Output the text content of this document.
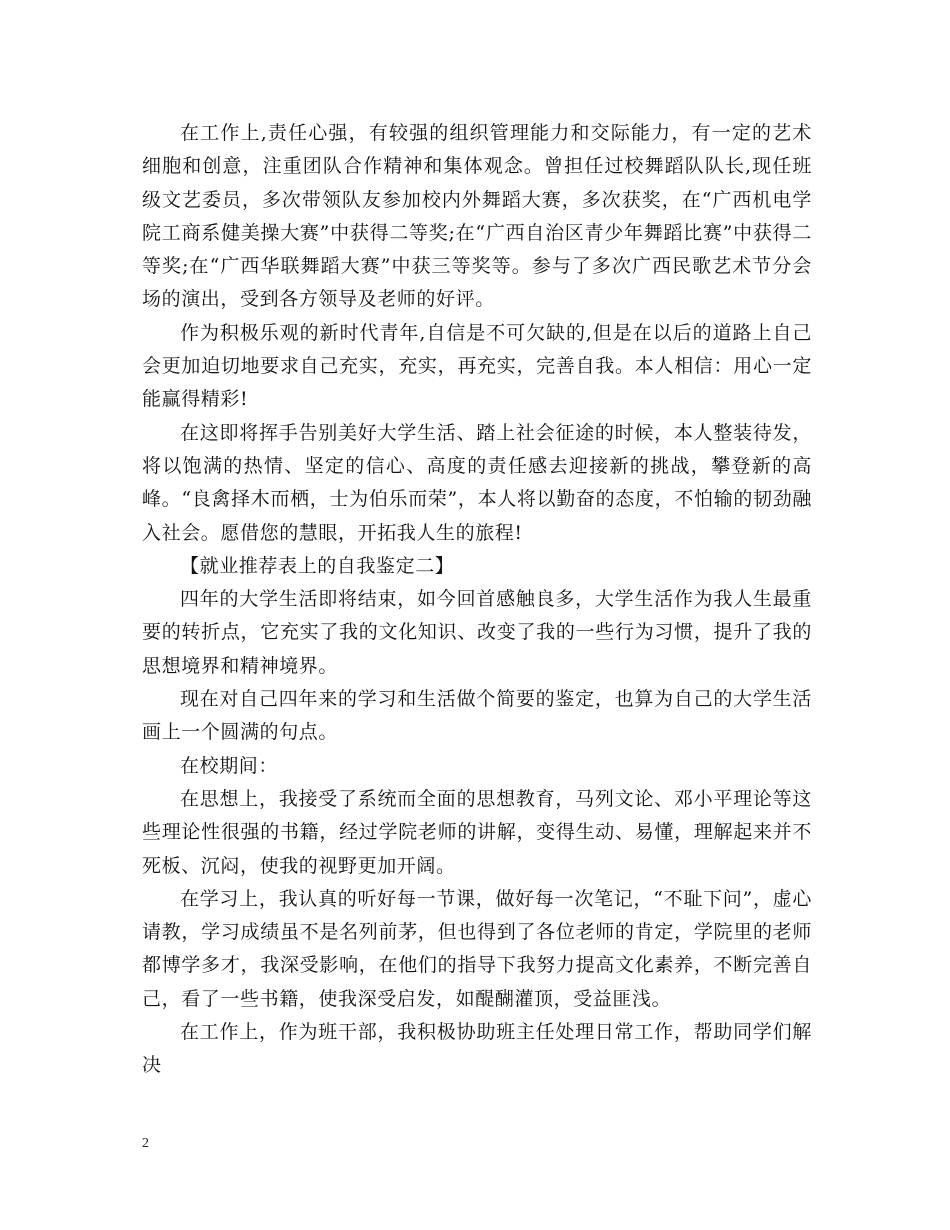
在工作上,责任心强，有较强的组织管理能力和交际能力，有一定的艺术细胞和创意，注重团队合作精神和集体观念。曾担任过校舞蹈队队长,现任班级文艺委员，多次带领队友参加校内外舞蹈大赛，多次获奖，在“广西机电学院工商系健美操大赛”中获得二等奖;在“广西自治区青少年舞蹈比赛”中获得二等奖;在“广西华联舞蹈大赛”中获三等奖等。参与了多次广西民歌艺术节分会场的演出，受到各方领导及老师的好评。

作为积极乐观的新时代青年,自信是不可欠缺的,但是在以后的道路上自己会更加迫切地要求自己充实，充实，再充实，完善自我。本人相信：用心一定能赢得精彩!

在这即将挥手告别美好大学生活、踏上社会征途的时候，本人整装待发，将以饱满的热情、坚定的信心、高度的责任感去迎接新的挑战，攀登新的高峰。“良禽择木而栖，士为伯乐而荣”，本人将以勤奋的态度，不怕输的韧劲融入社会。愿借您的慧眼，开拓我人生的旅程!

【就业推荐表上的自我鉴定二】

四年的大学生活即将结束，如今回首感触良多，大学生活作为我人生最重要的转折点，它充实了我的文化知识、改变了我的一些行为习惯，提升了我的思想境界和精神境界。

现在对自己四年来的学习和生活做个简要的鉴定，也算为自己的大学生活画上一个圆满的句点。

在校期间：

在思想上，我接受了系统而全面的思想教育，马列文论、邓小平理论等这些理论性很强的书籍，经过学院老师的讲解，变得生动、易懂，理解起来并不死板、沉闷，使我的视野更加开阔。

在学习上，我认真的听好每一节课，做好每一次笔记，“不耻下问”，虚心请教，学习成绩虽不是名列前茅，但也得到了各位老师的肯定，学院里的老师都博学多才，我深受影响，在他们的指导下我努力提高文化素养，不断完善自己，看了一些书籍，使我深受启发，如醍醐灌顶，受益匪浅。

在工作上，作为班干部，我积极协助班主任处理日常工作，帮助同学们解决

2
